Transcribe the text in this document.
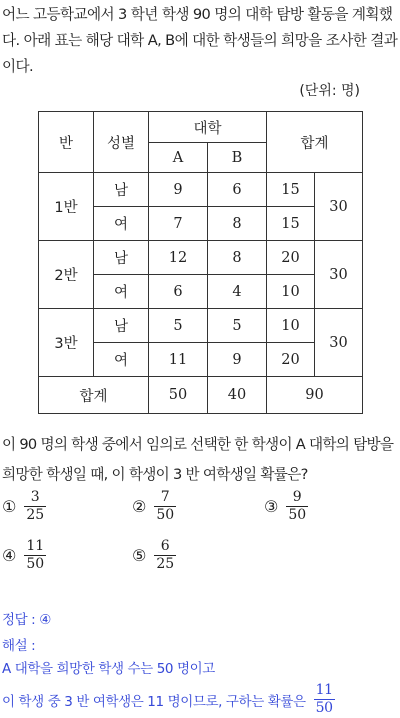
어느 고등학교에서 3 학년 학생 90 명의 대학 탐방 활동을 계획했
다. 아래 표는 해당 대학 A, B에 대한 학생들의 희망을 조사한 결과
이다.
(단위: 명)
반	성별	대학		합계	
		A	B		
1반	남	9	6	15	30
	여	7	8	15	
2반	남	12	8	20	30
	여	6	4	10	
3반	남	5	5	10	30
	여	11	9	20	
합계		50	40	90	
이 90 명의 학생 중에서 임의로 선택한 한 학생이 A 대학의 탐방을
희망한 학생일 때, 이 학생이 3 반 여학생일 확률은?
① $\frac{3}{25}$	② $\frac{7}{50}$	③ $\frac{9}{50}$
④ $\frac{11}{50}$	⑤ $\frac{6}{25}$
정답 : ④
해설 :
A 대학을 희망한 학생 수는 50 명이고
이 학생 중 3 반 여학생은 11 명이므로, 구하는 확률은 $\frac{11}{50}$
